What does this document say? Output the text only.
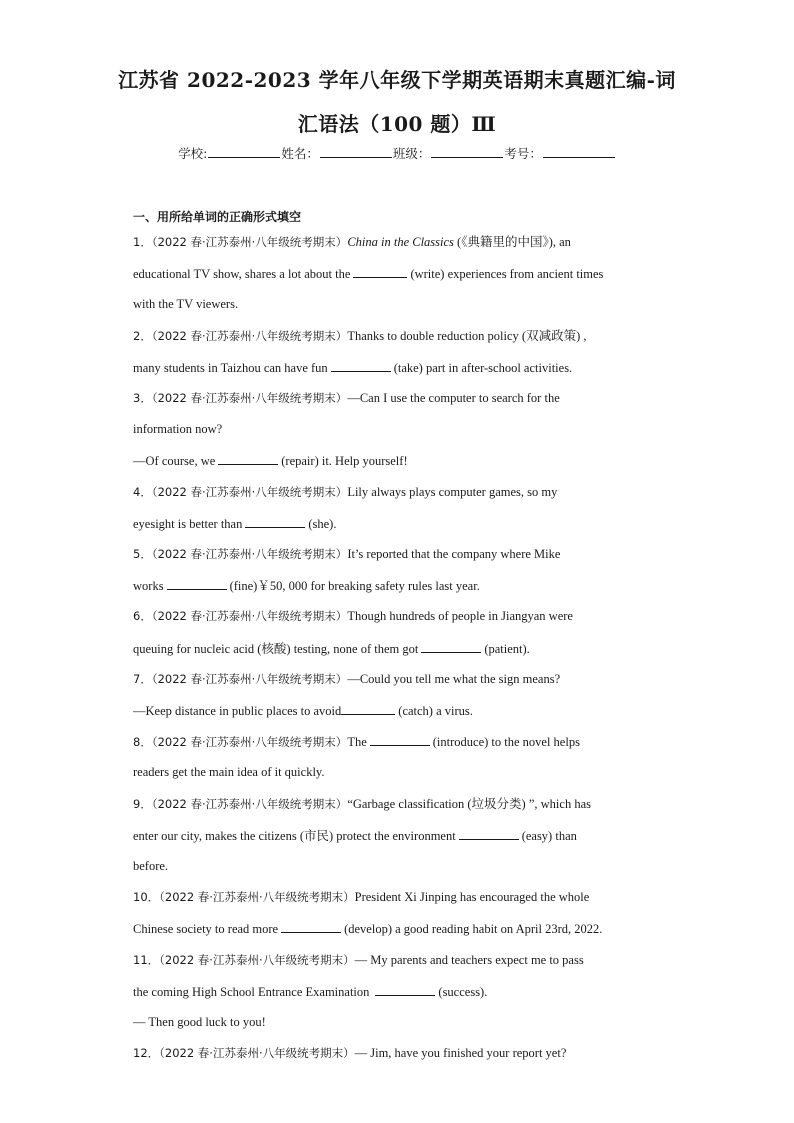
江苏省 2022-2023 学年八年级下学期英语期末真题汇编-词
汇语法（100 题）Ⅲ
学校:	姓名：	班级：	考号：
一、用所给单词的正确形式填空
1．（2022 春·江苏泰州·八年级统考期末）China in the Classics (《典籍里的中国》), an
educational TV show, shares a lot about the	(write) experiences from ancient times
with the TV viewers.
2．（2022 春·江苏泰州·八年级统考期末）Thanks to double reduction policy (双减政策) ,
many students in Taizhou can have fun	(take) part in after-school activities.
3．（2022 春·江苏泰州·八年级统考期末）—Can I use the computer to search for the
information now?
—Of course, we	(repair) it. Help yourself!
4．（2022 春·江苏泰州·八年级统考期末）Lily always plays computer games, so my
eyesight is better than	(she).
5．（2022 春·江苏泰州·八年级统考期末）It’s reported that the company where Mike
works	(fine)￥50, 000 for breaking safety rules last year.
6．（2022 春·江苏泰州·八年级统考期末）Though hundreds of people in Jiangyan were
queuing for nucleic acid (核酸) testing, none of them got	(patient).
7．（2022 春·江苏泰州·八年级统考期末）—Could you tell me what the sign means?
—Keep distance in public places to avoid	(catch) a virus.
8．（2022 春·江苏泰州·八年级统考期末）The	(introduce) to the novel helps
readers get the main idea of it quickly.
9．（2022 春·江苏泰州·八年级统考期末）“Garbage classification (垃圾分类) ”, which has
enter our city, makes the citizens (市民) protect the environment	(easy) than
before.
10．（2022 春·江苏泰州·八年级统考期末）President Xi Jinping has encouraged the whole
Chinese society to read more	(develop) a good reading habit on April 23rd, 2022.
11．（2022 春·江苏泰州·八年级统考期末）— My parents and teachers expect me to pass
the coming High School Entrance Examination	(success).
— Then good luck to you!
12．（2022 春·江苏泰州·八年级统考期末）— Jim, have you finished your report yet?
